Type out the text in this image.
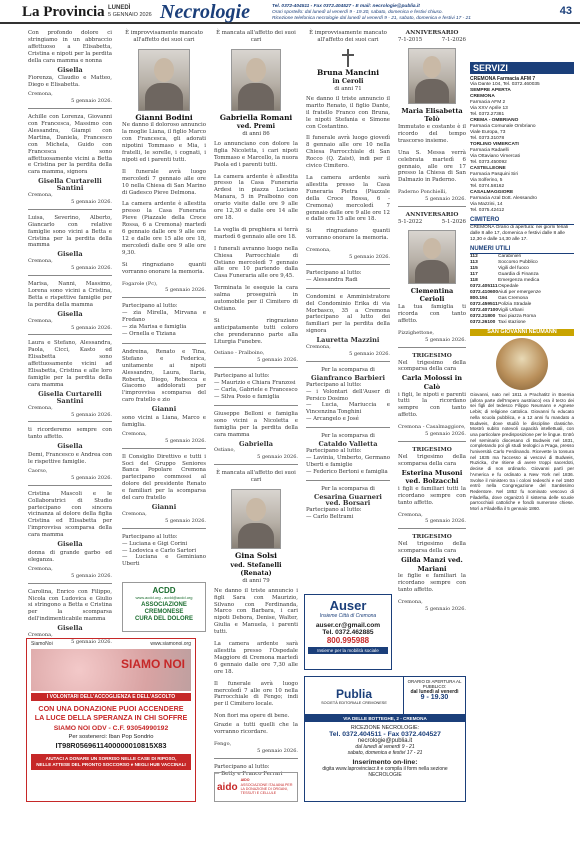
La Provincia LUNEDÌ
5 GENNAIO 2026 Necrologie	Tel. 0372-404511 - Fax 0372.404527 - E mail: necrologie@publia.it
Orari sportello: dal lunedì al venerdì 9 - 19.30, sabato, domenica e festivi chiuso.
Ricezione telefonica necrologie dal lunedì al venerdì 9 - 21, sabato, domenica e festivi 17 - 21
43

Con profondo dolore ci stringiamo in un abbraccio affettuoso a Elisabetta, Cristina e nipoti per la perdita della cara mamma e nonna

Gisella

Fiorenza, Claudio e Matteo, Diego e Elisabetta.

Cremona,
5 gennaio 2026.

Achille con Lorenza, Giovanni con Francesca, Massimo con Alessandra, Giampi con Martina, Daniela, Francesco con Michela, Guido con Francesca sono affettuosamente vicini a Betta e Cristina per la perdita della cara mamma, signora

Gisella Curtarelli Santini
Cremona,
5 gennaio 2026.

Luisa, Severino, Alberto, Giancarlo con relative famiglie sono vicini a Betta e Cristina per la perdita della mamma

Gisella
Cremona,
5 gennaio 2026.

Marisa, Nanni, Massimo, Lorena sono vicini a Cristina, Betta e rispettive famiglie per la perdita della mamma

Gisella
Cremona,
5 gennaio 2026.

Laura e Stefano, Alessandra, Paola, Cicci, Kasto ed Elisabetta sono affettuosamente vicini ad Elisabetta, Cristina e alle loro famiglie per la perdita della cara mamma

Gisella Curtarelli Santini
Cremona,
5 gennaio 2026.

ti ricorderemo sempre con tanto affetto.

Gisella

Demi, Francesco e Andrea con le rispettive famiglie.

Caorso,
5 gennaio 2026.

Cristina Mascoli e le Collaboratrici di Studio partecipano con sincera vicinanza al dolore della figlia Cristina ed Elisabetta per l'improvvisa scomparsa della cara mamma

Gisella

donna di grande garbo ed eleganza.

Cremona,
5 gennaio 2026.

Carolina, Enrico con Filippo, Nicola con Ludovica e Giulio si stringono a Betta e Cristina per la scomparsa dell'indimenticabile mamma

Gisella
Cremona,
5 gennaio 2026.
SiamoNoi	www.siamonoi.org
SIAMO NOI
I VOLONTARI DELL'ACCOGLIENZA E DELL'ASCOLTO
CON UNA DONAZIONE PUOI ACCENDERE
LA LUCE DELLA SPERANZA IN CHI SOFFRE
SIAMO NOI ODV - C.F. 93054990192
Per sostenerci: Iban Pop Sondrio
IT98R0569611400000010815X83
AIUTACI A DONARE UN SORRISO NELLE CASE DI RIPOSO,
NELLE ATTESE DEL PRONTO SOCCORSO e NEGLI HUB VACCINALI

È improvvisamente mancato all'affetto dei suoi cari

Gianni Bodini

Ne danno il doloroso annuncio la moglie Liana, il figlio Marco con Francesca, gli adorati nipotini Tommaso e Mia, i fratelli, le sorelle, i cognati, i nipoti ed i parenti tutti.

Il funerale avrà luogo mercoledì 7 gennaio alle ore 10 nella Chiesa di San Marino di Gadesco Pieve Delmona.

La camera ardente è allestita presso la Casa Funeraria Pieve (Piazzale della Croce Rossa, 6 a Cremona) martedì 6 gennaio dalle ore 9 alle ore 12 e dalle ore 15 alle ore 18, mercoledì dalle ore 9 alle ore 9,30.

Si ringraziano quanti vorranno onorare la memoria.

Fogarole (Pc),
5 gennaio 2026.
Partecipano al lutto:
— zia Mirella, Mirvana e Fredano
— zia Marisa e famiglia
— Ornella e Tiziana

Andreina, Renato e Tina, Stefano e Federica, unitamente ai nipoti Alessandro, Laura, Ilaria, Roberta, Diego, Rebecca e Giacomo addolorati per l'improvvisa scomparsa del caro fratello e zio

Gianni

sono vicini a Liana, Marco e famiglia.

Cremona,
5 gennaio 2026.

Il Consiglio Direttivo e tutti i Soci del Gruppo Seniores Banca Popolare Cremona partecipano commossi al dolore del presidente Renato e familiari per la scomparsa del caro fratello

Gianni
Cremona,
5 gennaio 2026.
Partecipano al lutto:
— Luciana e Gigi Corini
— Lodovica e Carlo Sartori
— Luciana e Geminiano Uberti
ACDD
www.acdd.org - acdd@acdd.org
ASSOCIAZIONE
CREMONESE
CURA DEL DOLORE

È mancata all'affetto dei suoi cari

Gabriella Romani
ved. Premi
di anni 86

Lo annunciano con dolore la figlia Nicoletta, i cari nipoti Tommaso e Marcello, la nuora Paola ed i parenti tutti.

La camera ardente è allestita presso la Casa Funeraria Ardesi in piazza Luciano Manara, 5 in Pralboino con orario visite dalle ore 9 alle ore 12,30 e dalle ore 14 alle ore 18.

La veglia di preghiera si terrà martedì 6 gennaio alle ore 18.

I funerali avranno luogo nella Chiesa Parrocchiale di Ostiano mercoledì 7 gennaio alle ore 10 partendo dalla Casa Funeraria alle ore 9,45.

Terminata le esequie la cara salma proseguirà in automobile per il Cimitero di Ostiano.

Si ringraziano anticipatamente tutti coloro che prenderanno parte alla Liturgia Funebre.

Ostiano - Pralboino,
5 gennaio 2026.
Partecipano al lutto:
— Maurizio e Chiara Franzosi
— Carla, Gabriele e Francesco
— Silva Posio e famiglia

Giuseppe Belloni e famiglia sono vicini a Nicoletta e famiglia per la perdita della cara mamma

Gabriella
Ostiano,
5 gennaio 2026.

È mancata all'affetto dei suoi cari

Gina Solsi
ved. Stefanelli
(Renata)
di anni 79

Ne danno il triste annuncio i figli Sara con Maurizio, Silvano con Ferdinanda, Marco con Barbara, i cari nipoti Debora, Denise, Walter, Giulia e Manuela, i parenti tutti.

La camera ardente sarà allestita presso l'Ospedale Maggiore di Cremona martedì 6 gennaio dalle ore 7,30 alle ore 18.

Il funerale avrà luogo mercoledì 7 alle ore 10 nella Parrocchiale di Fengo; indi per il Cimitero locale.

Non fiori ma opere di bene.

Grazie a tutti quelli che la vorranno ricordare.

Fengo,
5 gennaio 2026.
Partecipano al lutto:
— Betty e Franco Ferrari
aido
AIDO
ASSOCIAZIONE ITALIANA PER LA DONAZIONE DI ORGANI, TESSUTI E CELLULE

È improvvisamente mancato all'affetto dei suoi cari

Bruna Mancini
in Ceroli
di anni 71

Ne danno il triste annuncio il marito Renato, il figlio Dante, il fratello Franco con Bruna, le nipoti Stefania e Simone con Costantino.

Il funerale avrà luogo giovedì 8 gennaio alle ore 10 nella Chiesa Parrocchiale di San Rocco (Q. Zaist), indi per il civico Cimitero.

La camera ardente sarà allestita presso la Casa Funeraria Pietra (Piazzale della Croce Rossa, 6 - Cremona) mercoledì 7 gennaio dalle ore 9 alle ore 12 e dalle ore 15 alle ore 18.

Si ringraziano quanti vorranno onorare la memoria.

Cremona,
5 gennaio 2026.
Partecipano al lutto:
— Alessandra Radi

Condomini e Amministratore del Condominio Erika di via Morbasco, 35 a Cremona partecipano al lutto dei familiari per la perdita della signora

Lauretta Mazzini
Cremona,
5 gennaio 2026.

Per la scomparsa di

Gianfranco Barbieri
Partecipano al lutto:
— i Volontari dell'Auser di Persico Dosimo
— Lucia, Mariuccia e Vincenzina Tonghini
— Arcangelo e José

Per la scomparsa di

Cataldo Valletta
Partecipano al lutto:
— Lavinia, Umberto, Germano Uberti e famiglie
— Federico Bertoni e famiglia

Per la scomparsa di

Cesarina Guarneri ved. Borsari
Partecipano al lutto:
— Carlo Beltrami
Auser
Insieme Città di Cremona
auser.cr@gmail.com
Tel. 0372.462885
800.995988
Insieme per la mobilità sociale
ANNIVERSARIO
7-1-2015	7-1-2026
Maria Elisabetta Telò

Immutato e costante è il ricordo del tempo trascorso insieme.

Una S. Messa verrà celebrata martedì 6 gennaio, alle ore 17 presso la Chiesa di San Dalmazio in Paderno.

Paderno Ponchielli,
5 gennaio 2026.
ANNIVERSARIO
5-1-2022	5-1-2026
Clementina Cerioli

La tua famiglia ti ricorda con tanto affetto.

Pizzighettone,
5 gennaio 2026.
TRIGESIMO

Nel trigesimo della scomparsa della cara

Carla Molossi in Calò

i figli, le nipoti e parenti tutti la ricordano sempre con tanto affetto.

Cremona - Casalmaggiore,
5 gennaio 2026.
TRIGESIMO

Nel trigesimo della scomparsa della cara

Esterina Musoni ved. Bolzacchi

i figli e familiari tutti la ricordano sempre con tanto affetto.

Cremona,
5 gennaio 2026.
TRIGESIMO

Nel trigesimo della scomparsa della cara

Gilda Manzi ved. Mariani

le figlie e familiari la ricordano sempre con tanto affetto.

Cremona,
5 gennaio 2026.
Publia
SOCIETÀ EDITORIALE CREMONESE
ORARIO DI APERTURA AL PUBBLICO:
dal lunedì al venerdì
9 - 19.30
VIA DELLE BOTTEGHE, 2 - CREMONA
RICEZIONE NECROLOGIE:
Tel. 0372.404511 - Fax 0372.404527
necrologie@publia.it
dal lunedì al venerdì 9 - 21
sabato, domenica e festivi 17 - 21
Inserimento on-line:
digita www.laprovinciacr.it e compila il form nella sezione NECROLOGIE
SERVIZI
CREMONA Farmacia AFM 7
Via Dante 104, Tel. 0372.460035
SEMPRE APERTA
CREMONA
Farmacia AFM 2
Via XXV Aprile 13
Tel. 0372.27381
CREMA - OMBRIANO
Farmacia Comunale Ombriano
Viale Europa, 73
Tel. 0373.31078
TORLINO VIMERCATI
Farmacia Radaelli
Via Ottaviano Vimercati
Tel. 0373.450092
CASTELLEONE
Farmacia Pasquini Siri
Via Solferino, 5
Tel. 0374.58162
CASALMAGGIORE
Farmacia Azal Dott. Alessandro
Via Mazzini, 14
Tel. 0375.42412
CIMITERO
CREMONA Orario di apertura: nei giorni feriali dalle 8 alle 17, domenica e festivi dalle 8 alle 12,30 e dalle 14,30 alle 17.
NUMERI UTILI
112	Carabinieri
113	Soccorso Pubblico
115	Vigili del fuoco
117	Guardia di Finanza
118	Emergenza medica
0372.405111 Ospedale
0372.410600 Aiuti per emergenze
800.194	Gas Cremona
0372.459511 Polizia Stradale
0372.407100 Vigili Urbani
0372.21800 Taxi piazza Roma
0372.26100 Taxi stazione
SAN GIOVANNI NEUMANN
Giovanni, nato nel 1811 a Prachatitz in Boemia (allora parte dell'Impero austriaco) era il terzo dei sei figli del tedesco Filippo Neumann e Agnese Lebis; di religione cattolica. Giovanni fu educato nella scuola pubblica, e a 12 anni fu mandato a Budweis, dove studiò le discipline classiche. Mostrò subito notevoli capacità intellettuali, con una particolare predisposizione per le lingue. Entrò nel seminario diocesano di Budweis nel 1831, completando poi gli studi teologici a Praga, presso l'università Carlo Ferdinando. Ricevette la tonsura nel 1835 ma l'accesso ai vescovi di Budweis, Ruzicka, che ritiene di avere troppi sacerdoti, decise di non ordinarlo. Giovanni partì per l'America e fu ordinato a New York nel 1836. Svolse il ministero tra i coloni tedeschi e nel 1840 entrò nella Congregazione del Santissimo Redentore. Nel 1852 fu nominato vescovo di Filadelfia, dove organizzò il sistema delle scuole parrocchiali cattoliche e fondò numerose chiese. Morì a Filadelfia il 5 gennaio 1860.
